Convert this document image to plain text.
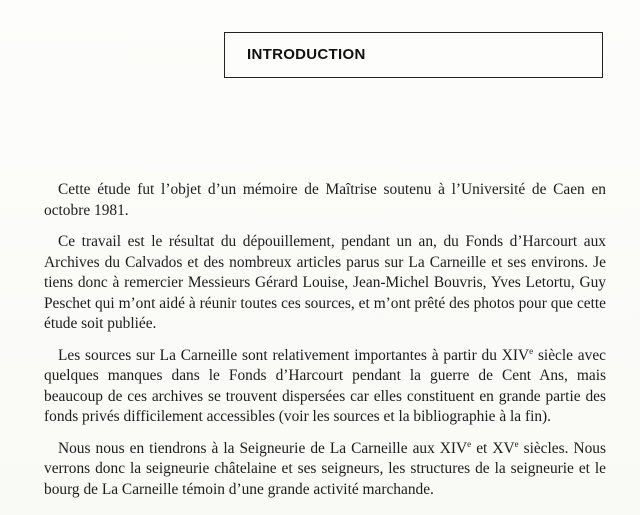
INTRODUCTION

Cette étude fut l’objet d’un mémoire de Maîtrise soutenu à l’Université de Caen en octobre 1981.

Ce travail est le résultat du dépouillement, pendant un an, du Fonds d’Harcourt aux Archives du Calvados et des nombreux articles parus sur La Carneille et ses environs. Je tiens donc à remercier Messieurs Gérard Louise, Jean-Michel Bouvris, Yves Letortu, Guy Peschet qui m’ont aidé à réunir toutes ces sources, et m’ont prêté des photos pour que cette étude soit publiée.

Les sources sur La Carneille sont relativement importantes à partir du XIVe siècle avec quelques manques dans le Fonds d’Harcourt pendant la guerre de Cent Ans, mais beaucoup de ces archives se trouvent dispersées car elles constituent en grande partie des fonds privés difficilement accessibles (voir les sources et la bibliographie à la fin).

Nous nous en tiendrons à la Seigneurie de La Carneille aux XIVe et XVe siècles. Nous verrons donc la seigneurie châtelaine et ses seigneurs, les structures de la seigneurie et le bourg de La Carneille témoin d’une grande activité marchande.
